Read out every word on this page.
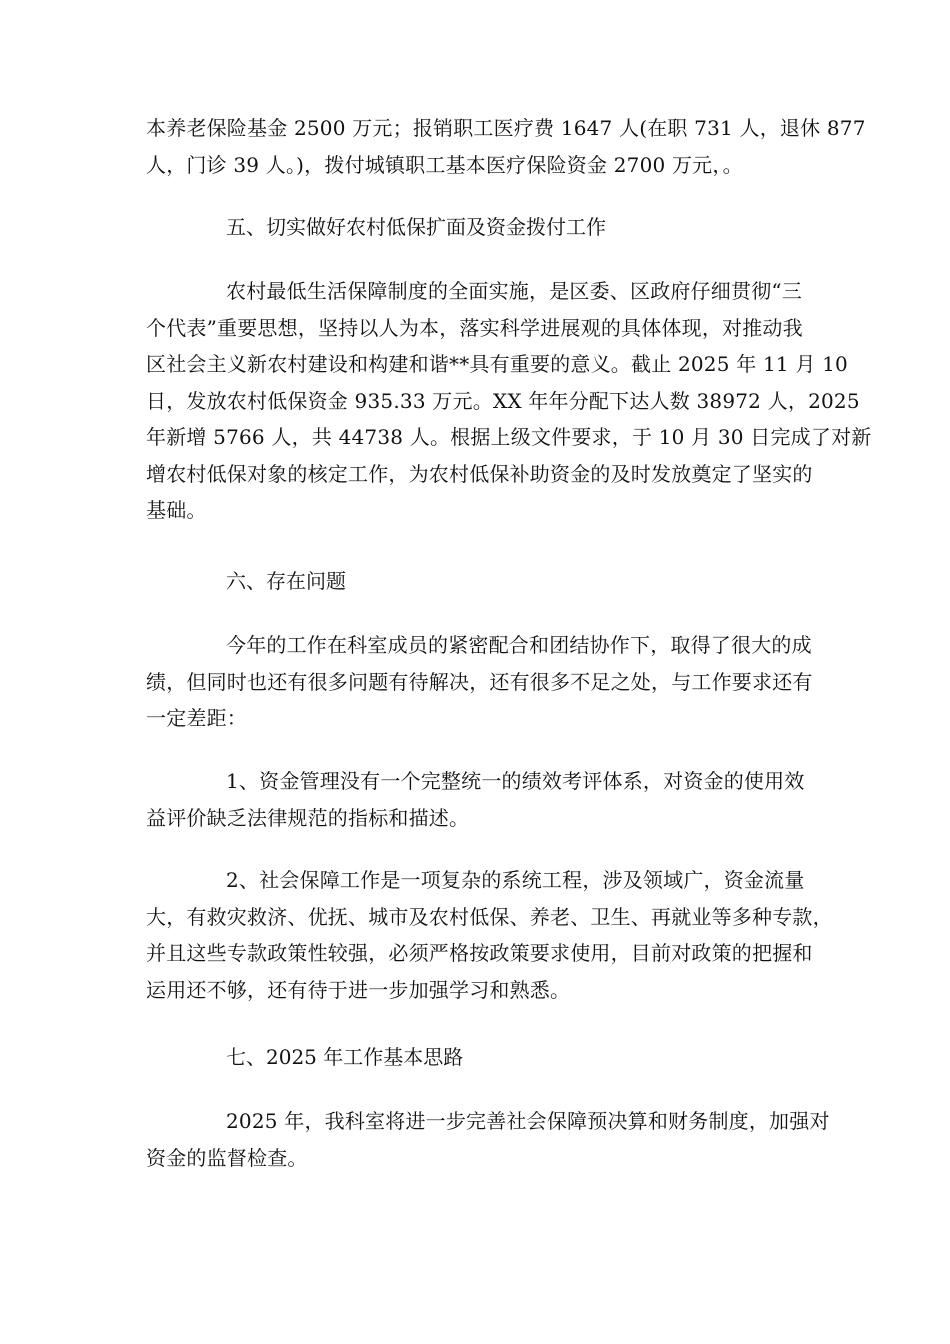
本养老保险基金 2500 万元；报销职工医疗费 1647 人(在职 731 人，退休 877
人，门诊 39 人。)，拨付城镇职工基本医疗保险资金 2700 万元，。
五、切实做好农村低保扩面及资金拨付工作
农村最低生活保障制度的全面实施，是区委、区政府仔细贯彻“三
个代表”重要思想，坚持以人为本，落实科学进展观的具体体现，对推动我
区社会主义新农村建设和构建和谐**具有重要的意义。截止 2025 年 11 月 10
日，发放农村低保资金 935.33 万元。XX 年年分配下达人数 38972 人，2025
年新增 5766 人，共 44738 人。根据上级文件要求，于 10 月 30 日完成了对新
增农村低保对象的核定工作，为农村低保补助资金的及时发放奠定了坚实的
基础。
六、存在问题
今年的工作在科室成员的紧密配合和团结协作下，取得了很大的成
绩，但同时也还有很多问题有待解决，还有很多不足之处，与工作要求还有
一定差距：
1、资金管理没有一个完整统一的绩效考评体系，对资金的使用效
益评价缺乏法律规范的指标和描述。
2、社会保障工作是一项复杂的系统工程，涉及领域广，资金流量
大，有救灾救济、优抚、城市及农村低保、养老、卫生、再就业等多种专款，
并且这些专款政策性较强，必须严格按政策要求使用，目前对政策的把握和
运用还不够，还有待于进一步加强学习和熟悉。
七、2025 年工作基本思路
2025 年，我科室将进一步完善社会保障预决算和财务制度，加强对
资金的监督检查。
